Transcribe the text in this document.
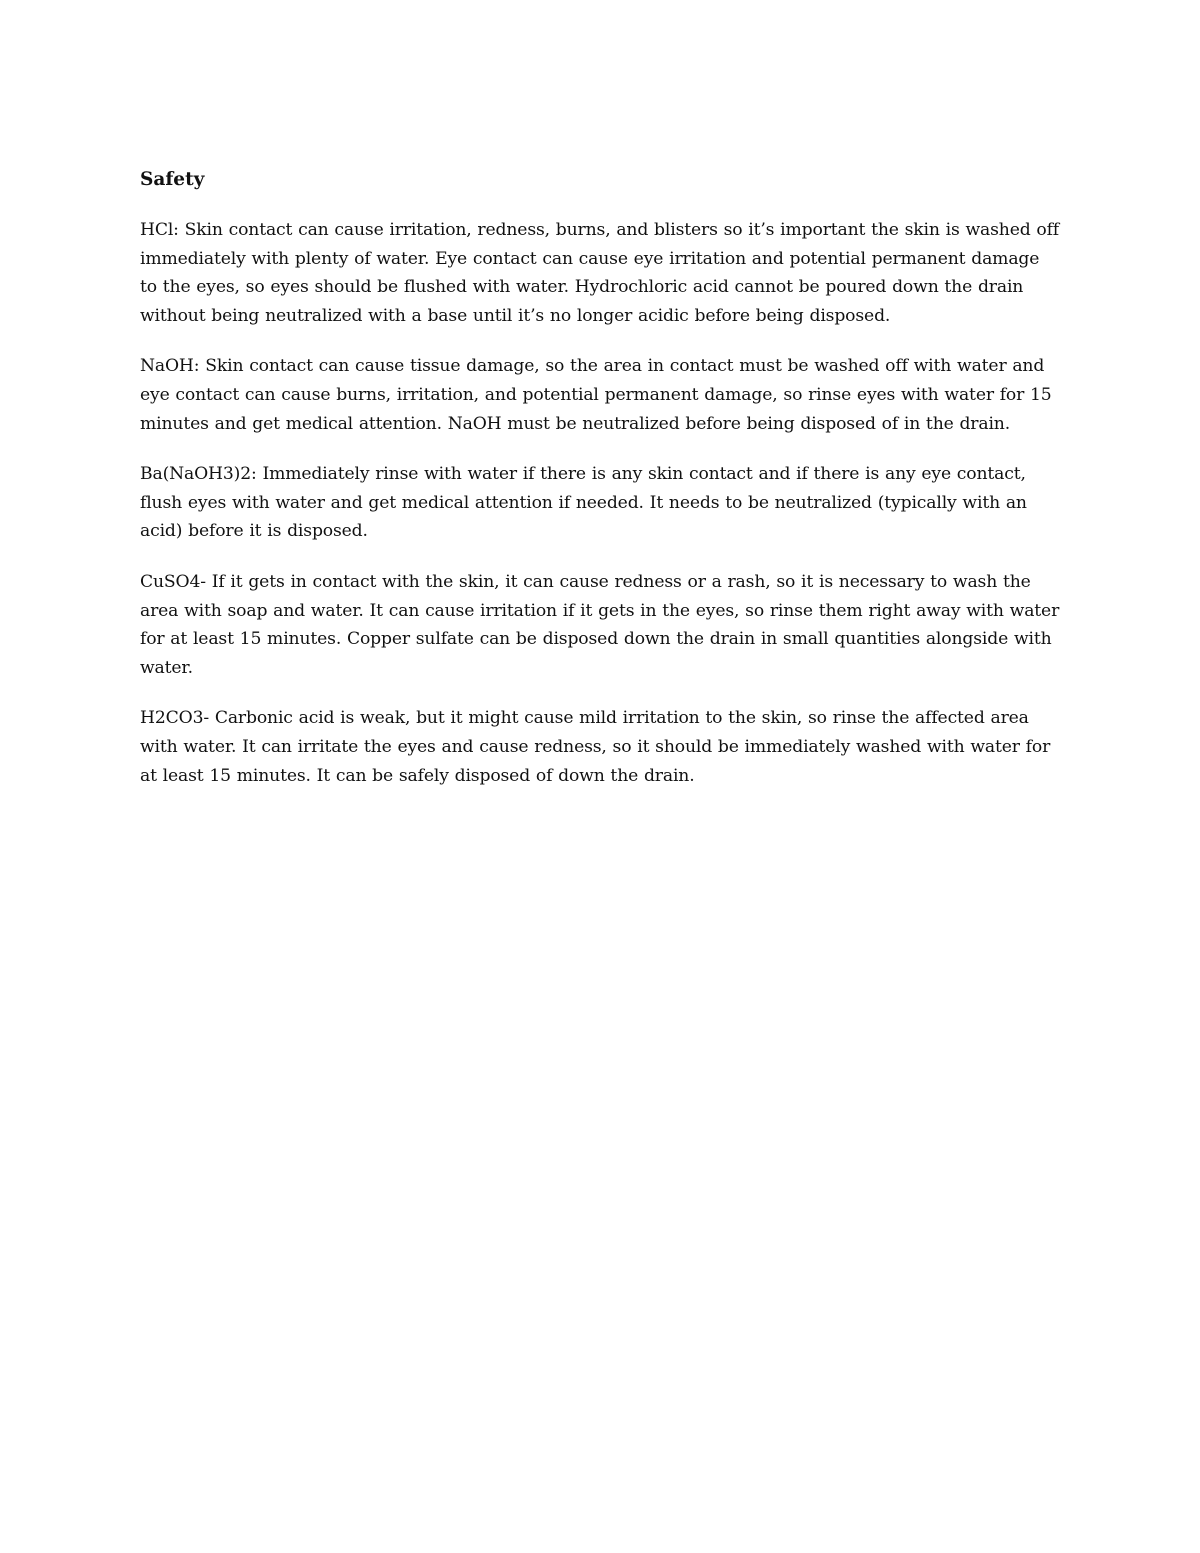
Safety

HCl: Skin contact can cause irritation, redness, burns, and blisters so it’s important the skin is washed off immediately with plenty of water. Eye contact can cause eye irritation and potential permanent damage to the eyes, so eyes should be flushed with water. Hydrochloric acid cannot be poured down the drain without being neutralized with a base until it’s no longer acidic before being disposed.

NaOH: Skin contact can cause tissue damage, so the area in contact must be washed off with water and eye contact can cause burns, irritation, and potential permanent damage, so rinse eyes with water for 15 minutes and get medical attention. NaOH must be neutralized before being disposed of in the drain.

Ba(NaOH3)2: Immediately rinse with water if there is any skin contact and if there is any eye contact, flush eyes with water and get medical attention if needed. It needs to be neutralized (typically with an acid) before it is disposed.

CuSO4- If it gets in contact with the skin, it can cause redness or a rash, so it is necessary to wash the area with soap and water. It can cause irritation if it gets in the eyes, so rinse them right away with water for at least 15 minutes. Copper sulfate can be disposed down the drain in small quantities alongside with water.

H2CO3- Carbonic acid is weak, but it might cause mild irritation to the skin, so rinse the affected area with water. It can irritate the eyes and cause redness, so it should be immediately washed with water for at least 15 minutes. It can be safely disposed of down the drain.
